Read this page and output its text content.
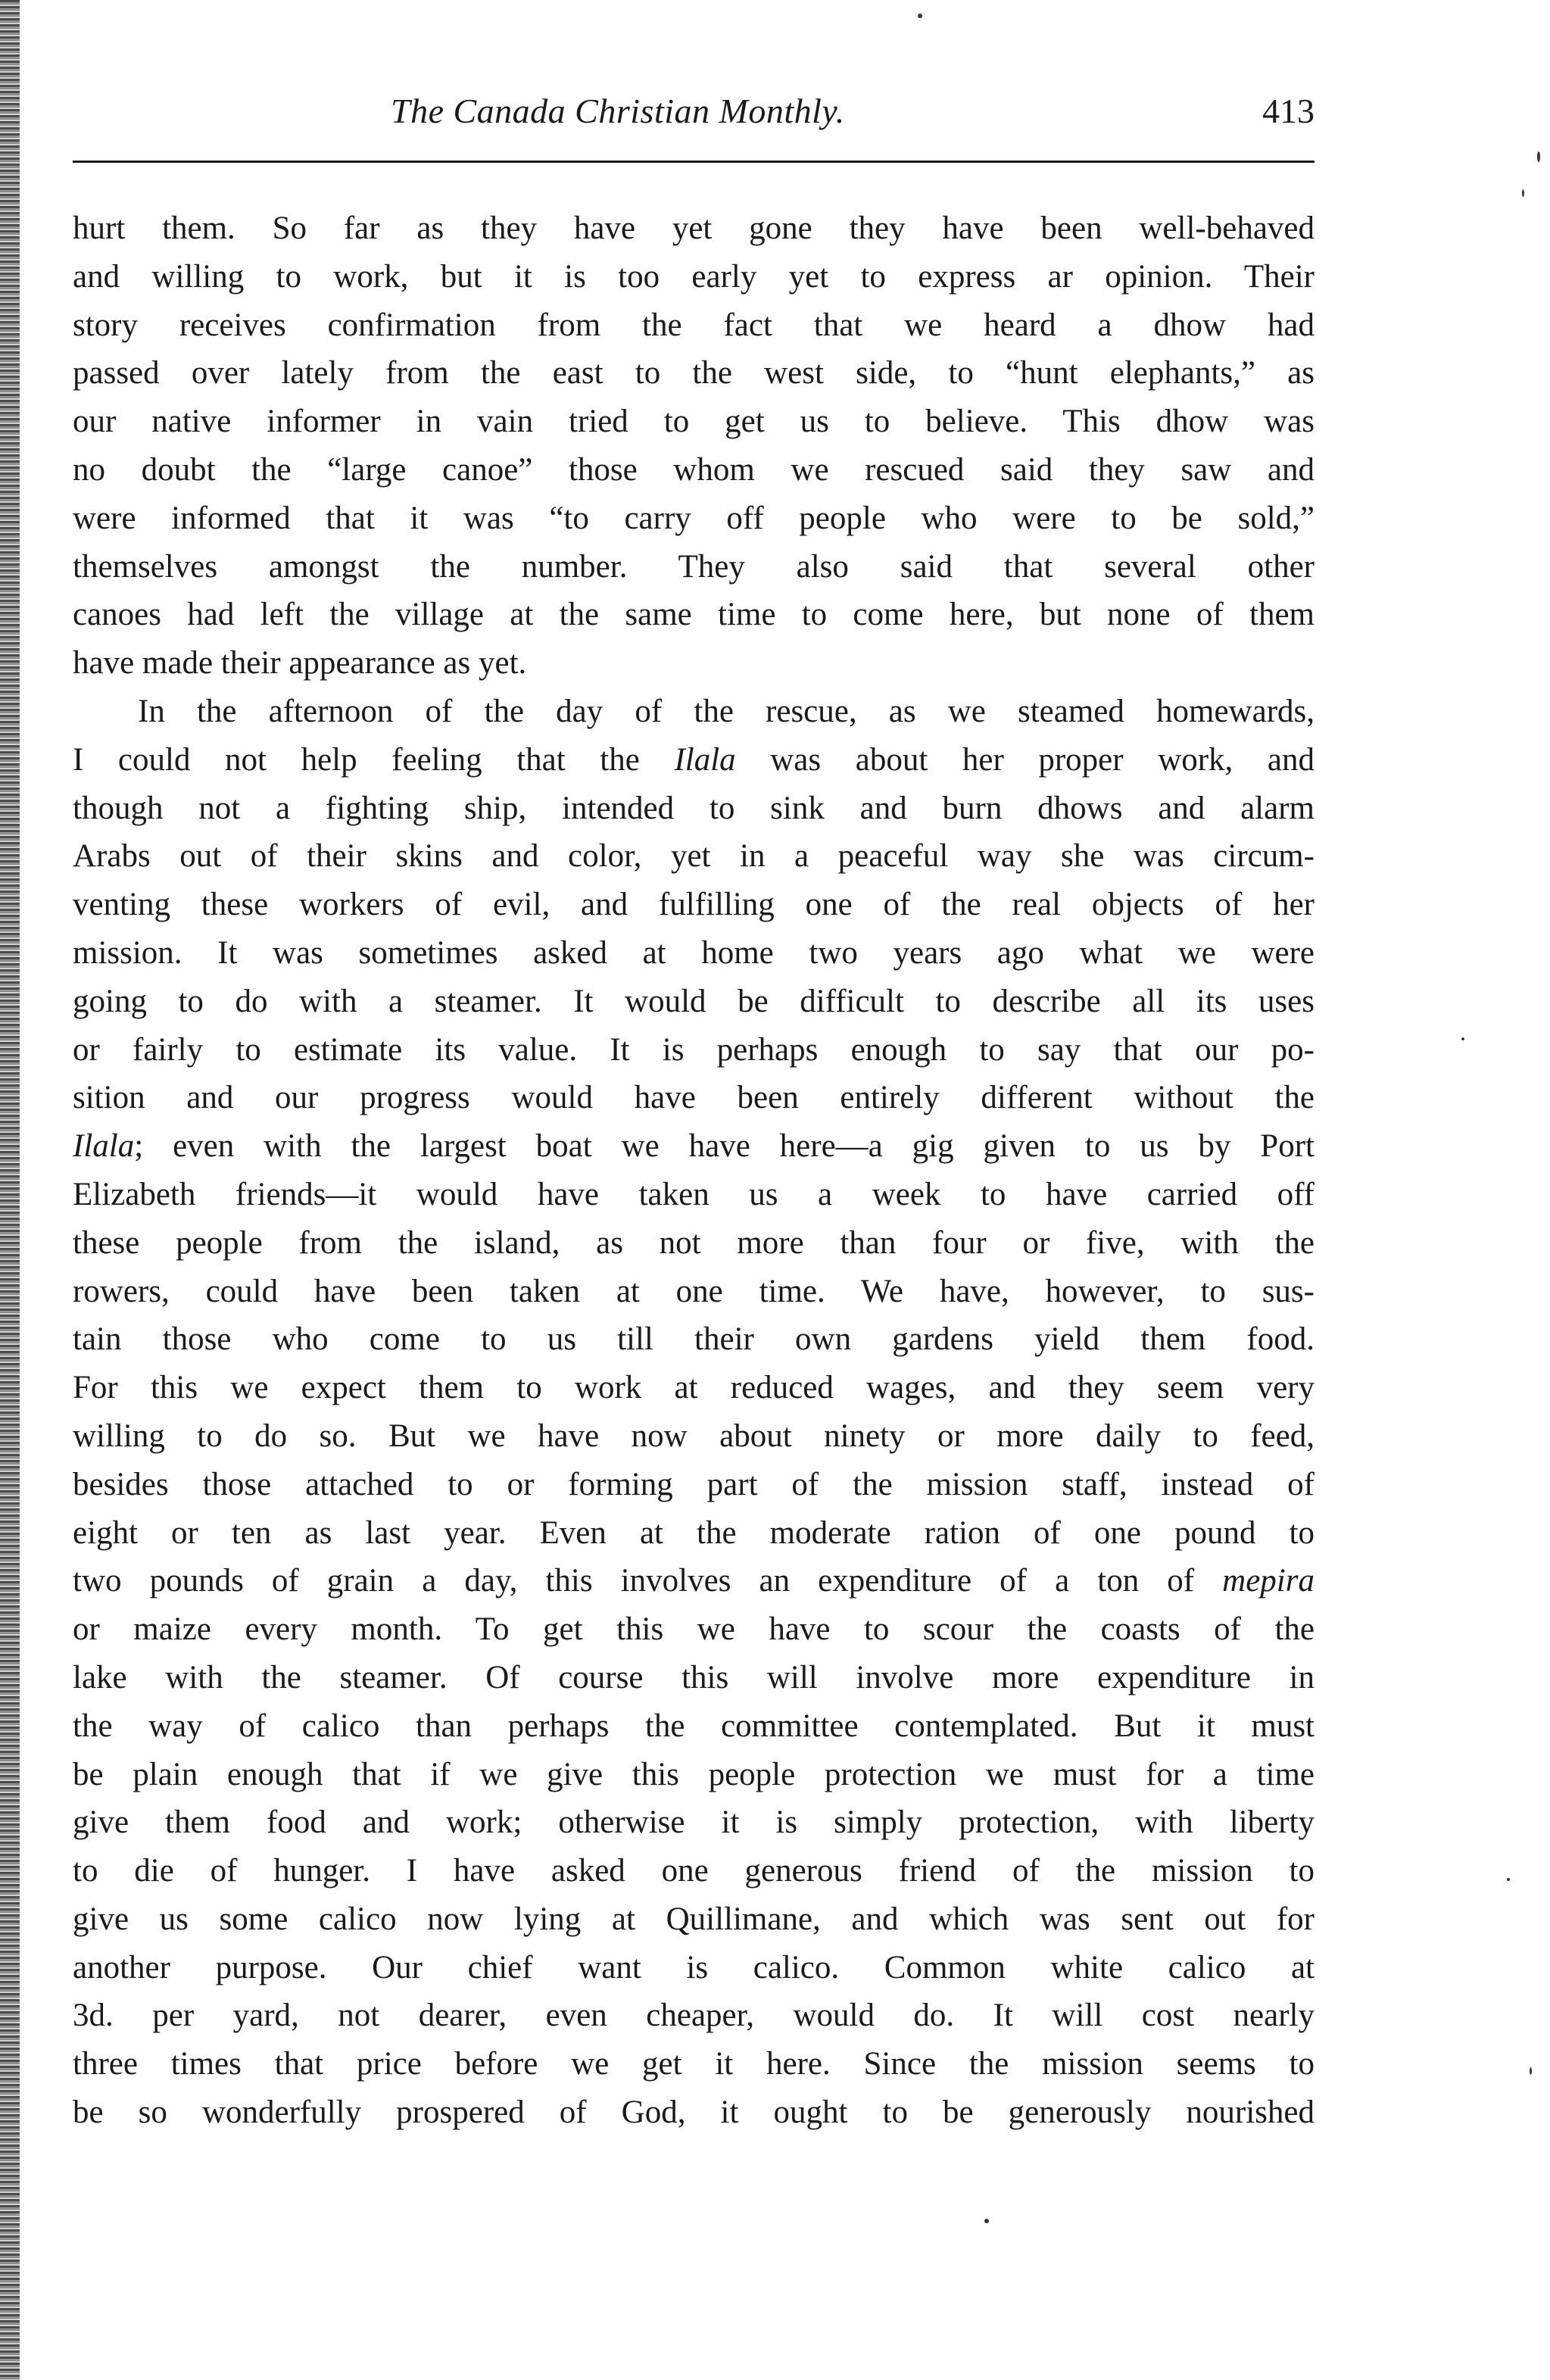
The Canada Christian Monthly.	413
hurt them. So far as they have yet gone they have been well-behaved
and willing to work, but it is too early yet to express ar opinion. Their
story receives confirmation from the fact that we heard a dhow had
passed over lately from the east to the west side, to “hunt elephants,” as
our native informer in vain tried to get us to believe. This dhow was
no doubt the “large canoe” those whom we rescued said they saw and
were informed that it was “to carry off people who were to be sold,”
themselves amongst the number. They also said that several other
canoes had left the village at the same time to come here, but none of them
have made their appearance as yet.
In the afternoon of the day of the rescue, as we steamed homewards,
I could not help feeling that the Ilala was about her proper work, and
though not a fighting ship, intended to sink and burn dhows and alarm
Arabs out of their skins and color, yet in a peaceful way she was circum-
venting these workers of evil, and fulfilling one of the real objects of her
mission. It was sometimes asked at home two years ago what we were
going to do with a steamer. It would be difficult to describe all its uses
or fairly to estimate its value. It is perhaps enough to say that our po-
sition and our progress would have been entirely different without the
Ilala; even with the largest boat we have here—a gig given to us by Port
Elizabeth friends—it would have taken us a week to have carried off
these people from the island, as not more than four or five, with the
rowers, could have been taken at one time. We have, however, to sus-
tain those who come to us till their own gardens yield them food.
For this we expect them to work at reduced wages, and they seem very
willing to do so. But we have now about ninety or more daily to feed,
besides those attached to or forming part of the mission staff, instead of
eight or ten as last year. Even at the moderate ration of one pound to
two pounds of grain a day, this involves an expenditure of a ton of mepira
or maize every month. To get this we have to scour the coasts of the
lake with the steamer. Of course this will involve more expenditure in
the way of calico than perhaps the committee contemplated. But it must
be plain enough that if we give this people protection we must for a time
give them food and work; otherwise it is simply protection, with liberty
to die of hunger. I have asked one generous friend of the mission to
give us some calico now lying at Quillimane, and which was sent out for
another purpose. Our chief want is calico. Common white calico at
3d. per yard, not dearer, even cheaper, would do. It will cost nearly
three times that price before we get it here. Since the mission seems to
be so wonderfully prospered of God, it ought to be generously nourished
